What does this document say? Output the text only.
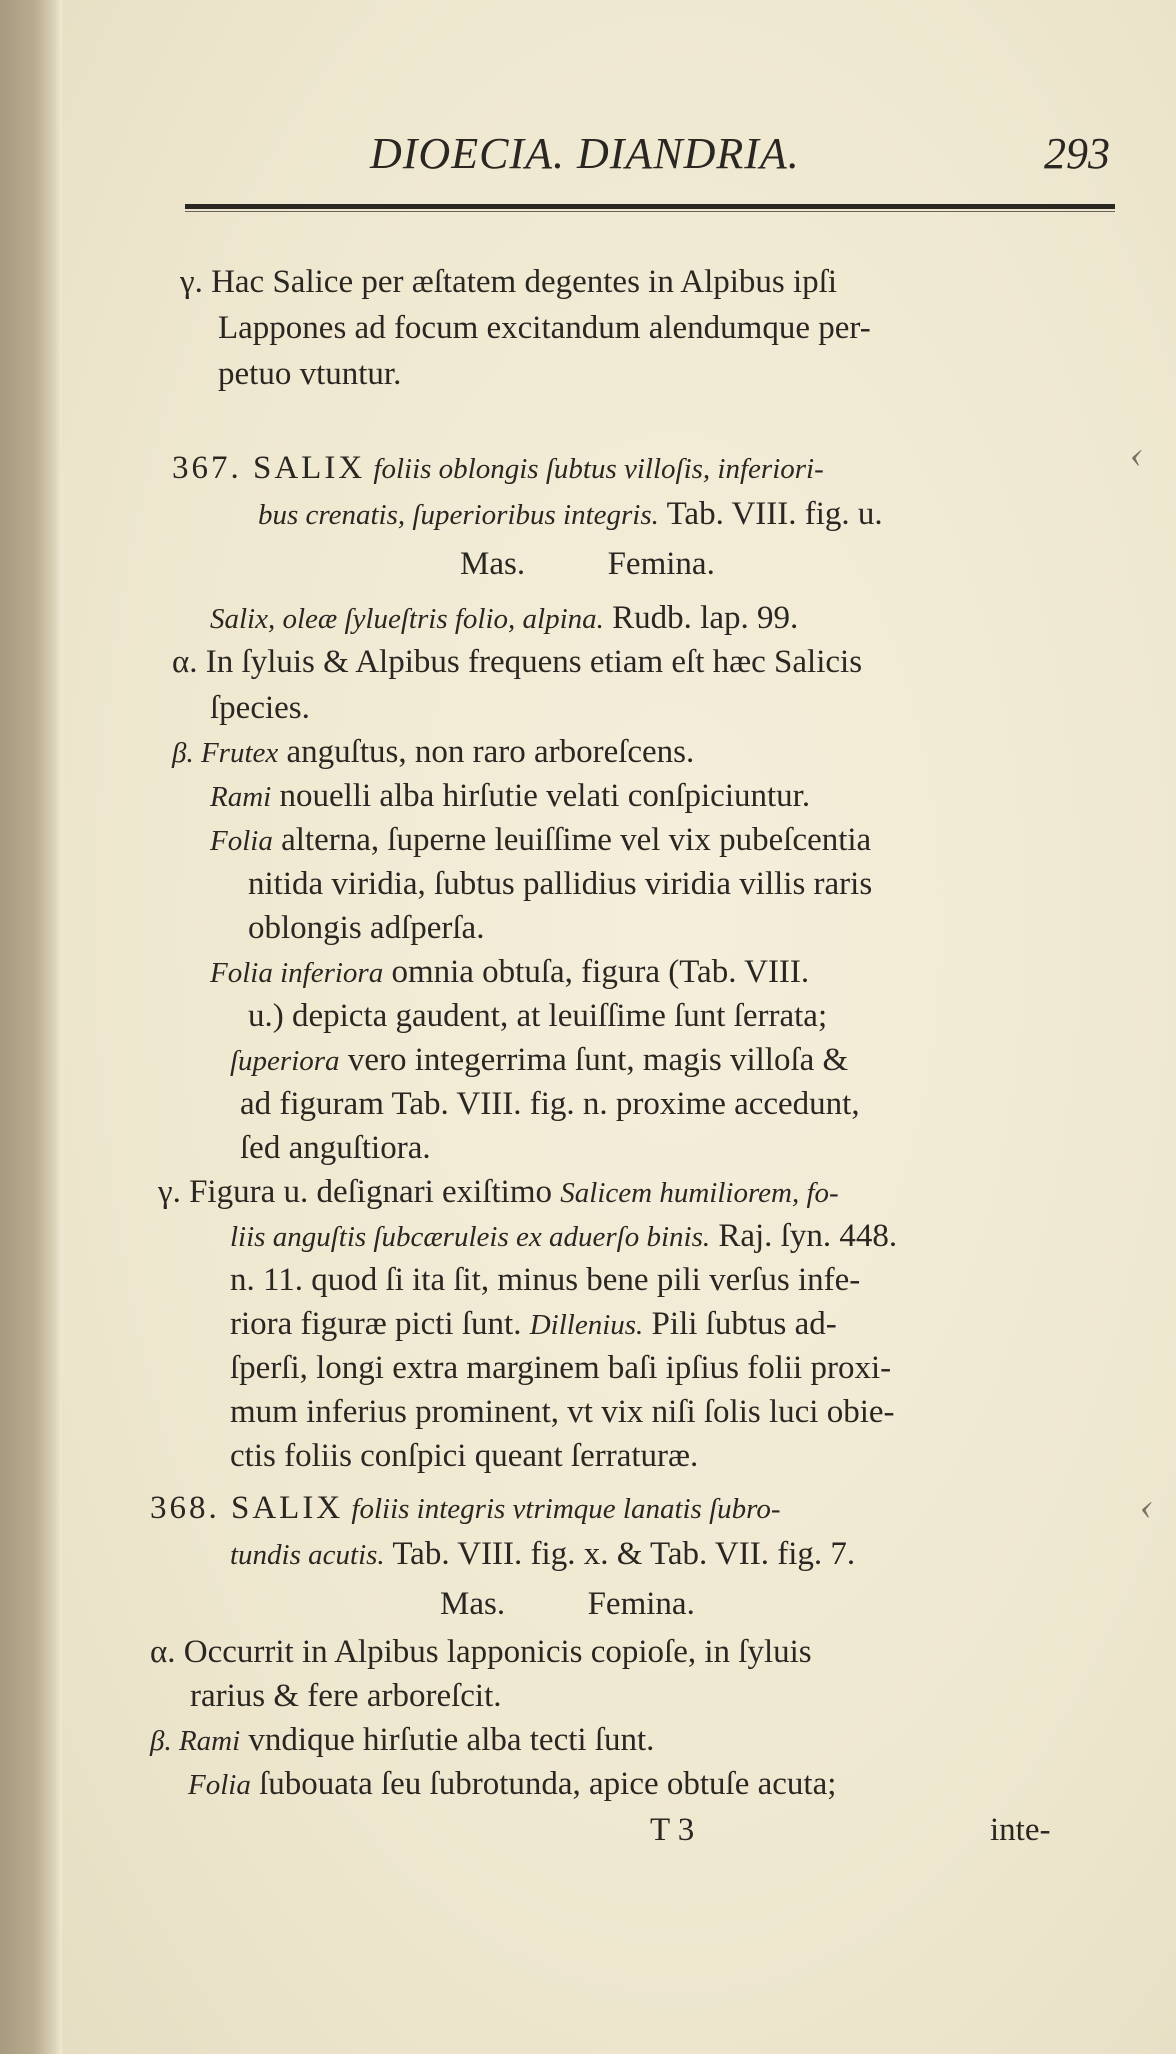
DIOECIA. DIANDRIA.	293
γ. Hac Salice per æſtatem degentes in Alpibus ipſi
Lappones ad focum excitandum alendumque per-
petuo vtuntur.
367. SALIX foliis oblongis ſubtus villoſis, inferiori-
bus crenatis, ſuperioribus integris. Tab. VIII. fig. u.
Mas.          Femina.
Salix, oleæ ſylueſtris folio, alpina. Rudb. lap. 99.
α. In ſyluis & Alpibus frequens etiam eſt hæc Salicis
ſpecies.
β. Frutex anguſtus, non raro arboreſcens.
Rami nouelli alba hirſutie velati conſpiciuntur.
Folia alterna, ſuperne leuiſſime vel vix pubeſcentia
nitida viridia, ſubtus pallidius viridia villis raris
oblongis adſperſa.
Folia inferiora omnia obtuſa, figura (Tab. VIII.
u.) depicta gaudent, at leuiſſime ſunt ſerrata;
ſuperiora vero integerrima ſunt, magis villoſa &
ad figuram Tab. VIII. fig. n. proxime accedunt,
ſed anguſtiora.
γ. Figura u. deſignari exiſtimo Salicem humiliorem, fo-
liis anguſtis ſubcæruleis ex aduerſo binis. Raj. ſyn. 448.
n. 11. quod ſi ita ſit, minus bene pili verſus infe-
riora figuræ picti ſunt. Dillenius. Pili ſubtus ad-
ſperſi, longi extra marginem baſi ipſius folii proxi-
mum inferius prominent, vt vix niſi ſolis luci obie-
ctis foliis conſpici queant ſerraturæ.
368. SALIX foliis integris vtrimque lanatis ſubro-
tundis acutis. Tab. VIII. fig. x. & Tab. VII. fig. 7.
Mas.          Femina.
α. Occurrit in Alpibus lapponicis copioſe, in ſyluis
rarius & fere arboreſcit.
β. Rami vndique hirſutie alba tecti ſunt.
Folia ſubouata ſeu ſubrotunda, apice obtuſe acuta;
T 3	inte-
‹
‹
